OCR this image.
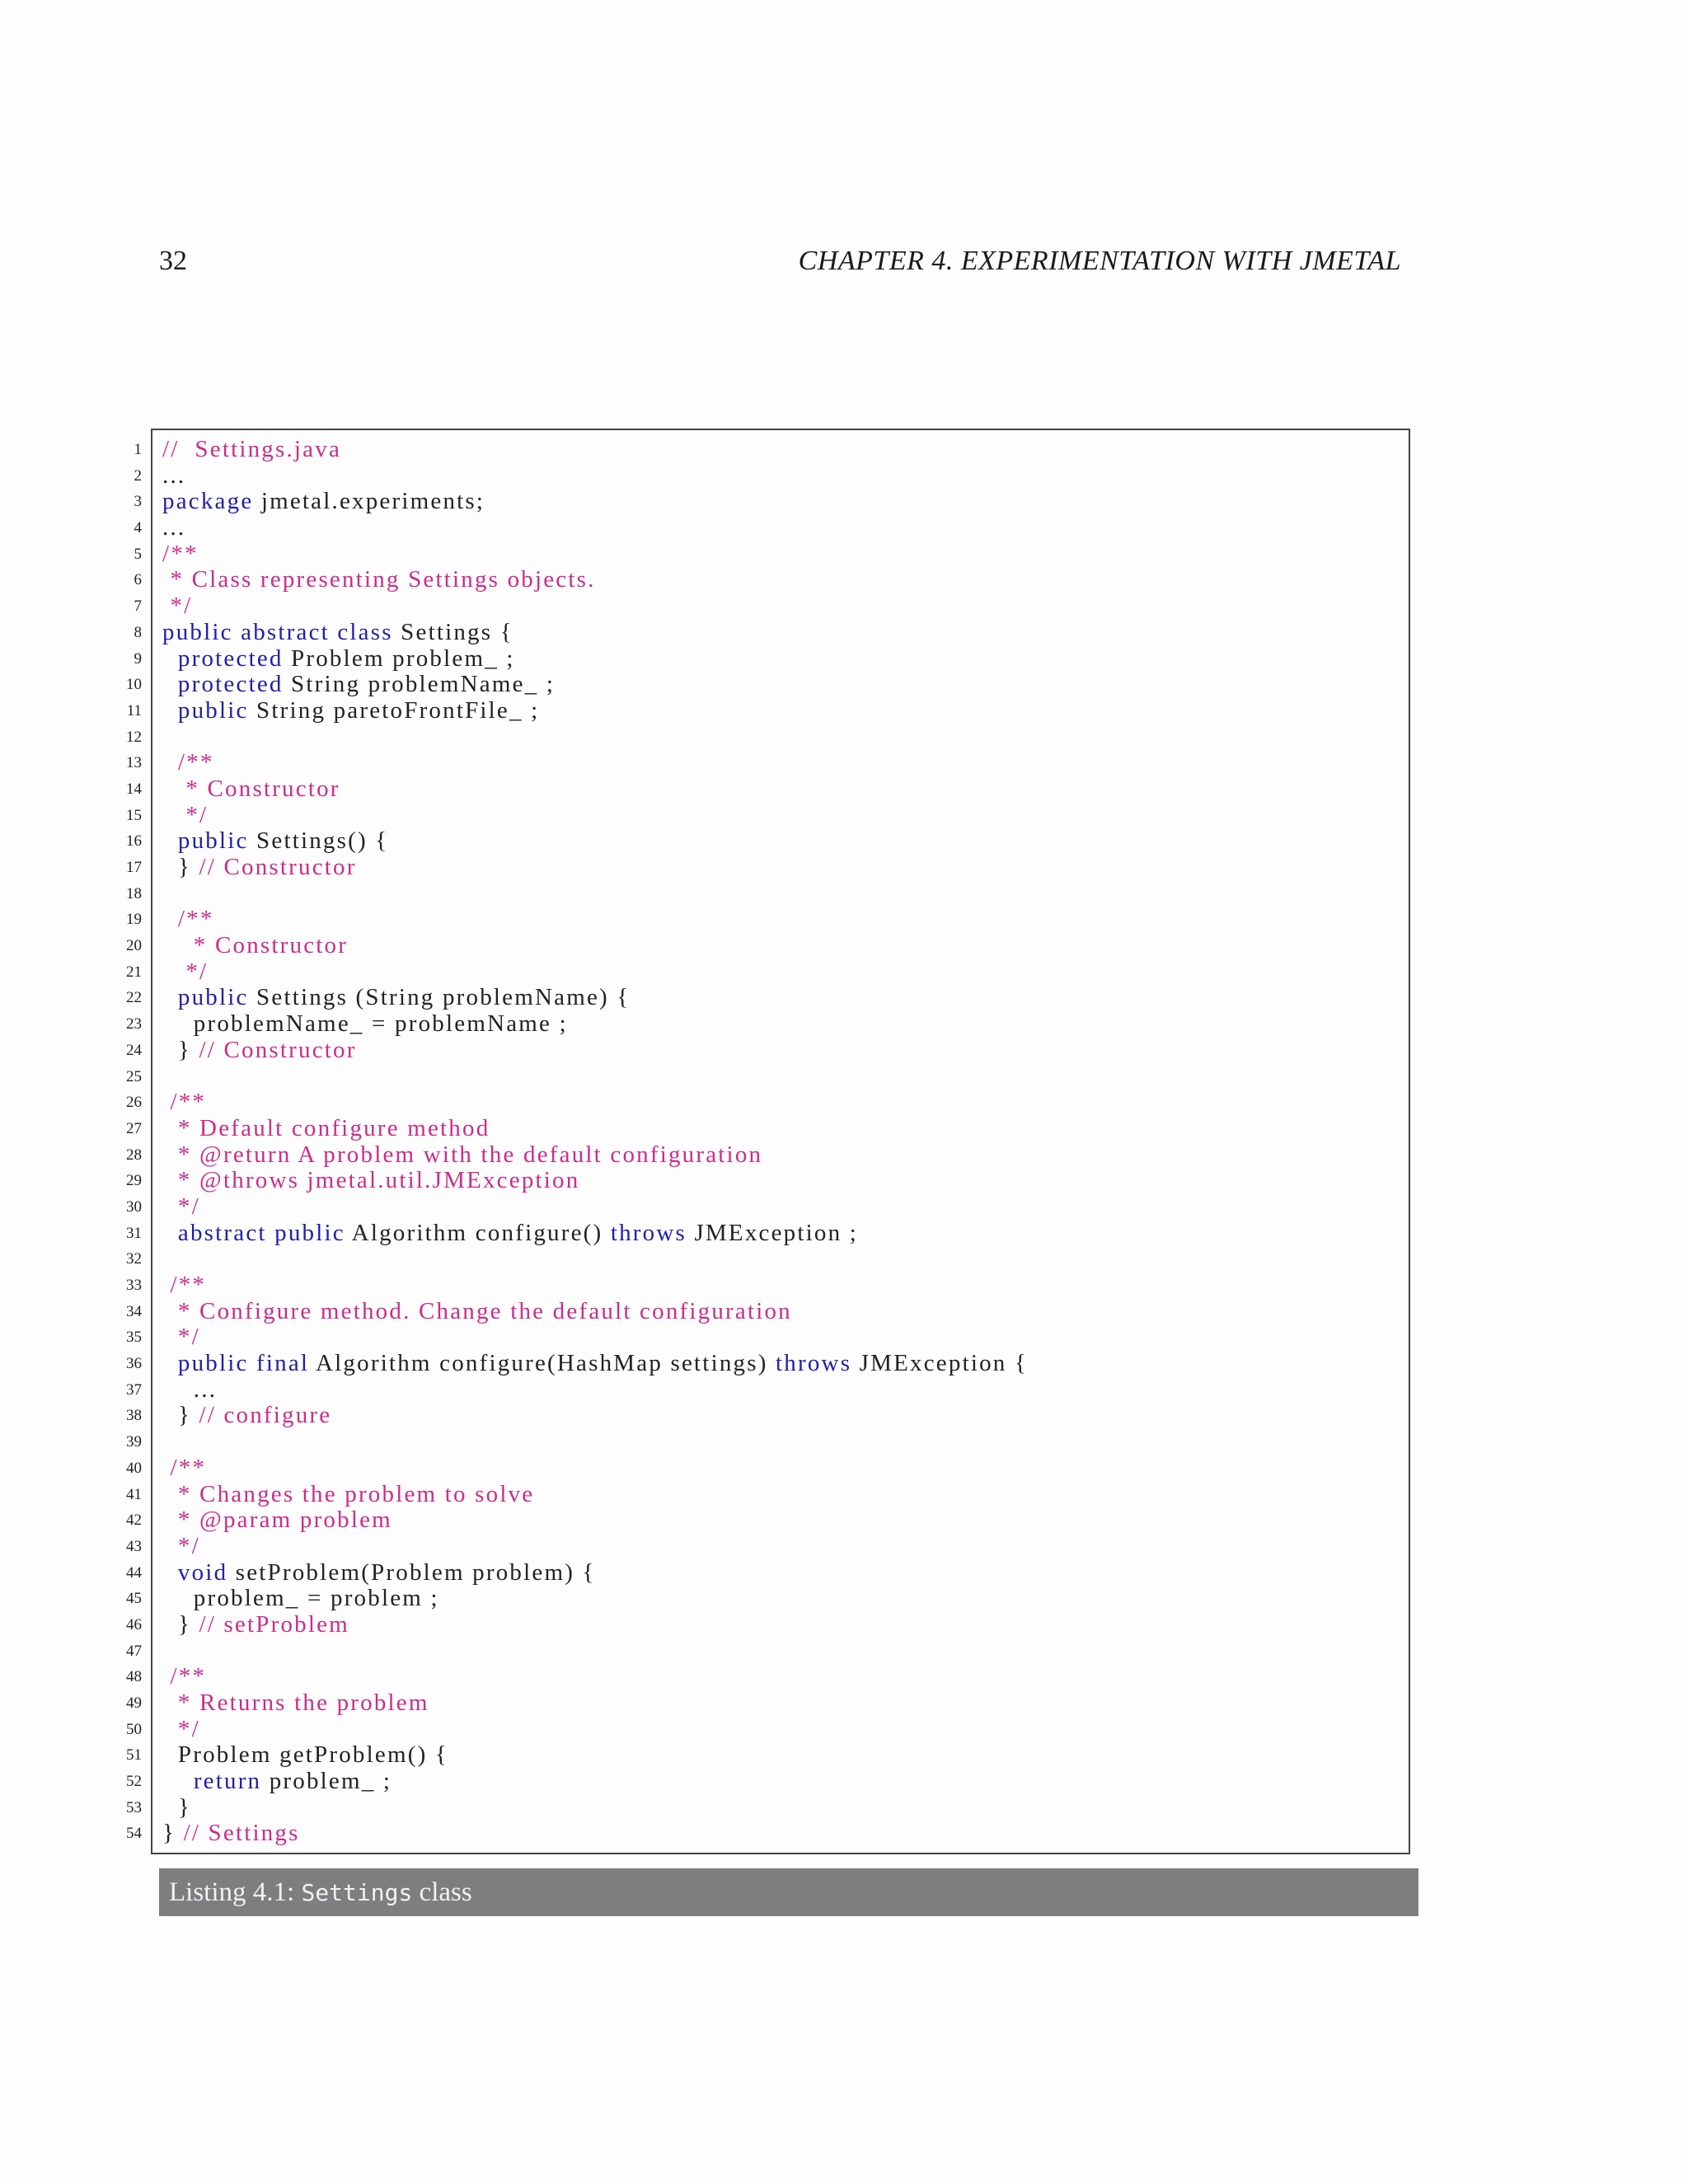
32	CHAPTER 4. EXPERIMENTATION WITH JMETAL
1 //  Settings.java
2 ...
3 package jmetal.experiments;
4 ...
5 /**
6 * Class representing Settings objects.
7 */
8 public abstract class Settings {
9	protected Problem problem_ ;
10	protected String problemName_ ;
11	public String paretoFrontFile_ ;
12
13 /**
14 * Constructor
15 */
16	public Settings() {
17 } // Constructor
18
19 /**
20 * Constructor
21 */
22	public Settings (String problemName) {
23 problemName_ = problemName ;
24 } // Constructor
25
26 /**
27 * Default configure method
28 * @return A problem with the default configuration
29 * @throws jmetal.util.JMException
30 */
31	abstract public Algorithm configure() throws JMException ;
32
33 /**
34 * Configure method. Change the default configuration
35 */
36	public final Algorithm configure(HashMap settings) throws JMException {
37 ...
38 } // configure
39
40 /**
41 * Changes the problem to solve
42 * @param problem
43 */
44	void setProblem(Problem problem) {
45 problem_ = problem ;
46 } // setProblem
47
48 /**
49 * Returns the problem
50 */
51 Problem getProblem() {
52	return problem_ ;
53 }
54 } // Settings
Listing 4.1: Settings class
